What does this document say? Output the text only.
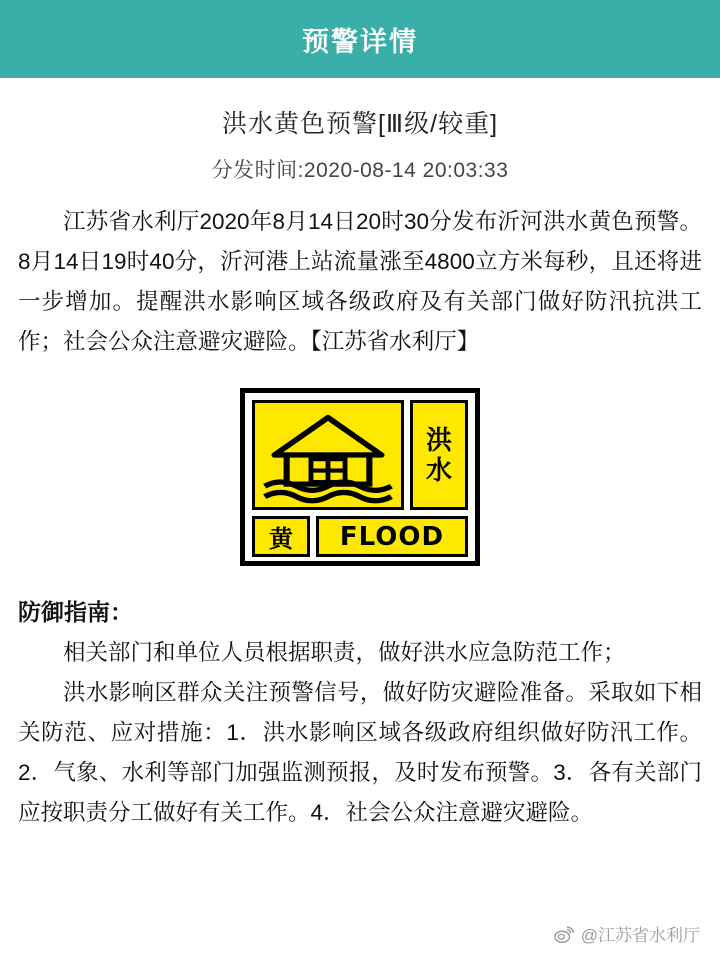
预警详情
洪水黄色预警[Ⅲ级/较重]
分发时间:2020-08-14 20:03:33
江苏省水利厅2020年8月14日20时30分发布沂河洪水黄色预警。8月14日19时40分，沂河港上站流量涨至4800立方米每秒，且还将进一步增加。提醒洪水影响区域各级政府及有关部门做好防汛抗洪工作；社会公众注意避灾避险。【江苏省水利厅】
洪
水
黄	FLOOD
防御指南：
相关部门和单位人员根据职责，做好洪水应急防范工作；
洪水影响区群众关注预警信号，做好防灾避险准备。采取如下相关防范、应对措施：1．洪水影响区域各级政府组织做好防汛工作。2．气象、水利等部门加强监测预报，及时发布预警。3．各有关部门应按职责分工做好有关工作。4．社会公众注意避灾避险。
@江苏省水利厅
